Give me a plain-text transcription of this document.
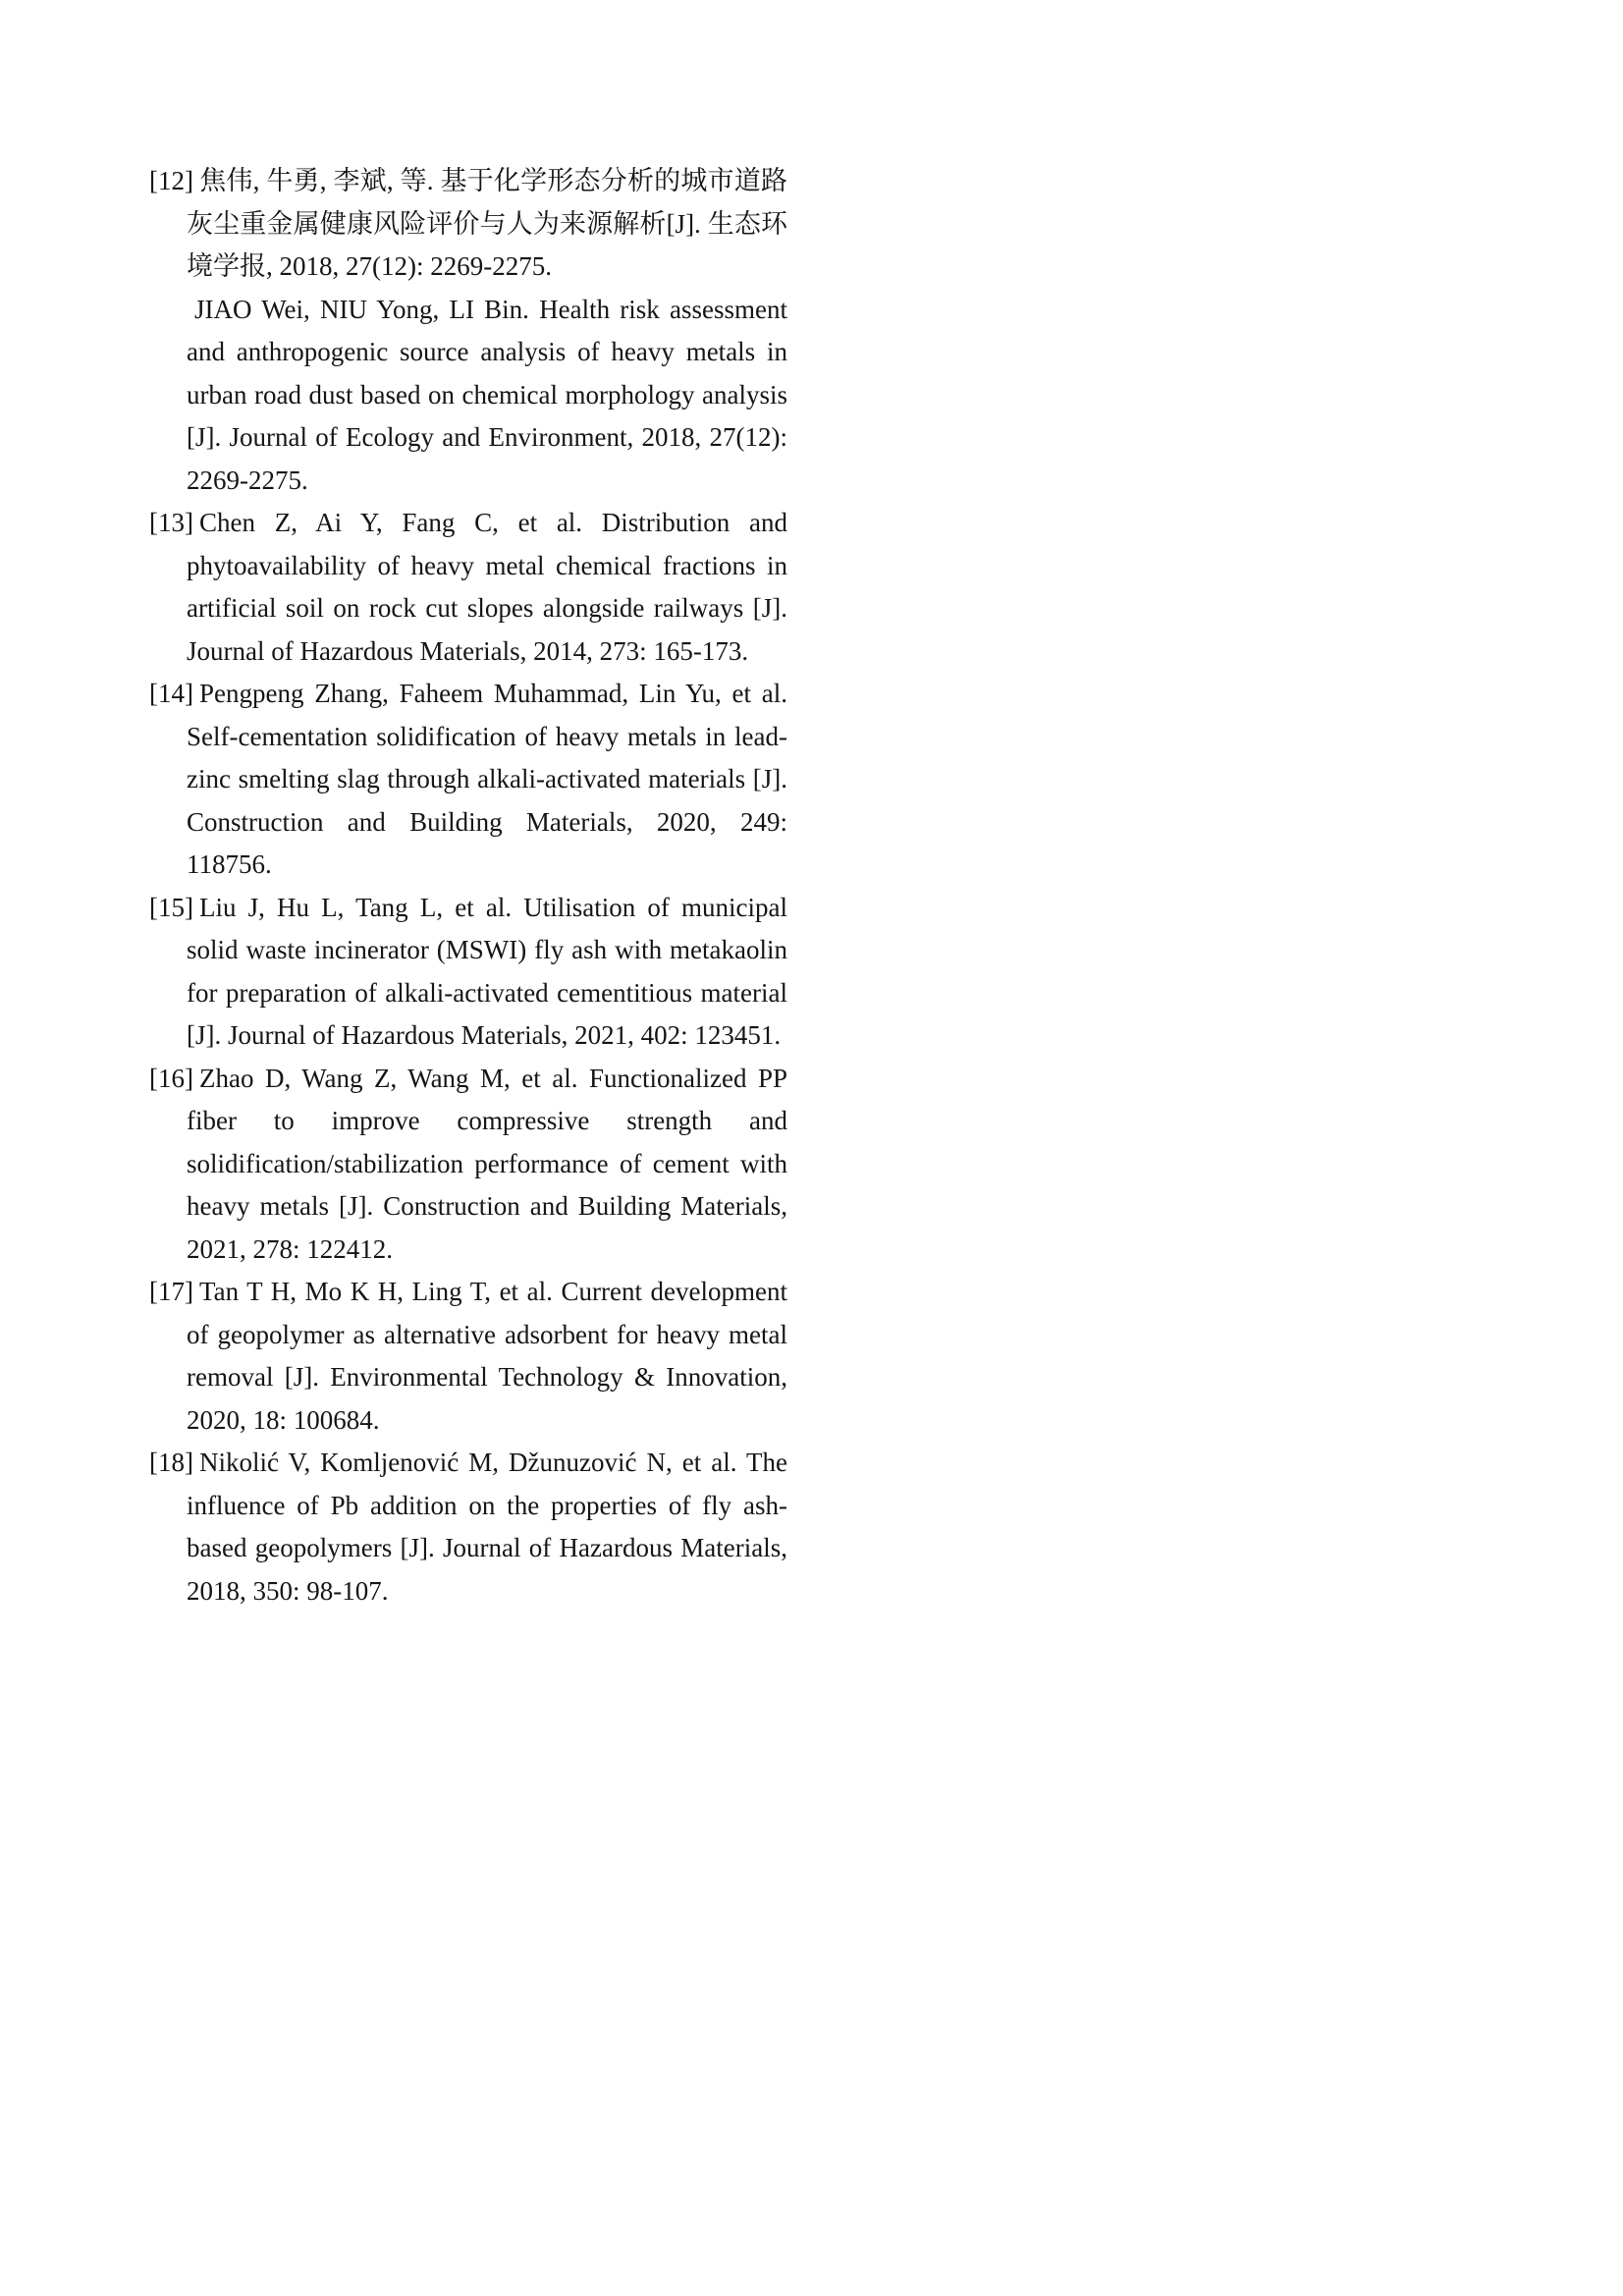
[12] 焦伟, 牛勇, 李斌, 等. 基于化学形态分析的城市道路灰尘重金属健康风险评价与人为来源解析[J]. 生态环境学报, 2018, 27(12): 2269-2275.

JIAO Wei, NIU Yong, LI Bin. Health risk assessment and anthropogenic source analysis of heavy metals in urban road dust based on chemical morphology analysis [J]. Journal of Ecology and Environment, 2018, 27(12): 2269-2275.

[13] Chen Z, Ai Y, Fang C, et al. Distribution and phytoavailability of heavy metal chemical fractions in artificial soil on rock cut slopes alongside railways [J]. Journal of Hazardous Materials, 2014, 273: 165-173.

[14] Pengpeng Zhang, Faheem Muhammad, Lin Yu, et al. Self-cementation solidification of heavy metals in lead-zinc smelting slag through alkali-activated materials [J]. Construction and Building Materials, 2020, 249: 118756.

[15] Liu J, Hu L, Tang L, et al. Utilisation of municipal solid waste incinerator (MSWI) fly ash with metakaolin for preparation of alkali-activated cementitious material [J]. Journal of Hazardous Materials, 2021, 402: 123451.

[16] Zhao D, Wang Z, Wang M, et al. Functionalized PP fiber to improve compressive strength and solidification/stabilization performance of cement with heavy metals [J]. Construction and Building Materials, 2021, 278: 122412.

[17] Tan T H, Mo K H, Ling T, et al. Current development of geopolymer as alternative adsorbent for heavy metal removal [J]. Environmental Technology & Innovation, 2020, 18: 100684.

[18] Nikolić V, Komljenović M, Džunuzović N, et al. The influence of Pb addition on the properties of fly ash-based geopolymers [J]. Journal of Hazardous Materials, 2018, 350: 98-107.
